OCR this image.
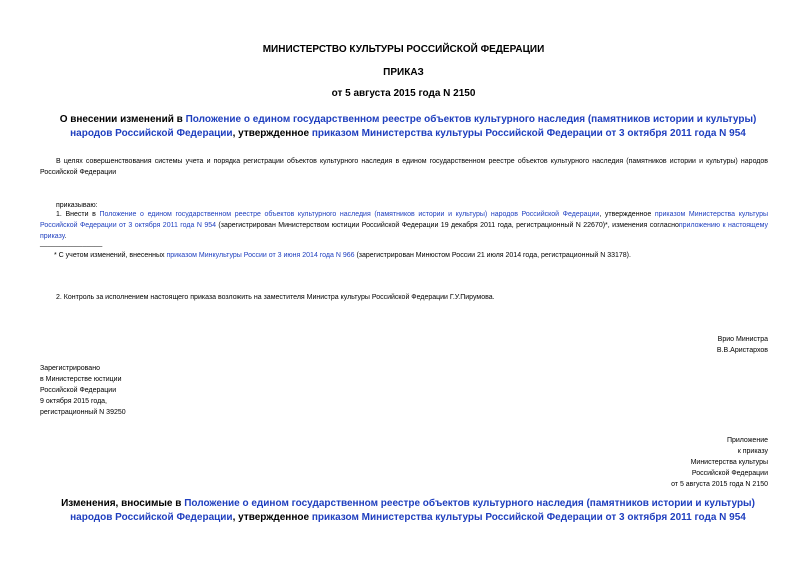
МИНИСТЕРСТВО КУЛЬТУРЫ РОССИЙСКОЙ ФЕДЕРАЦИИ
ПРИКАЗ
от 5 августа 2015 года N 2150
О внесении изменений в Положение о едином государственном реестре объектов культурного наследия (памятников истории и культуры) народов Российской Федерации, утвержденное приказом Министерства культуры Российской Федерации от 3 октября 2011 года N 954
В целях совершенствования системы учета и порядка регистрации объектов культурного наследия в едином государственном реестре объектов культурного наследия (памятников истории и культуры) народов Российской Федерации
приказываю:
1. Внести в Положение о едином государственном реестре объектов культурного наследия (памятников истории и культуры) народов Российской Федерации, утвержденное приказом Министерства культуры Российской Федерации от 3 октября 2011 года N 954 (зарегистрирован Министерством юстиции Российской Федерации 19 декабря 2011 года, регистрационный N 22670)*, изменения согласноприложению к настоящему приказу.
________________
* С учетом изменений, внесенных приказом Минкультуры России от 3 июня 2014 года N 966 (зарегистрирован Минюстом России 21 июля 2014 года, регистрационный N 33178).
2. Контроль за исполнением настоящего приказа возложить на заместителя Министра культуры Российской Федерации Г.У.Пирумова.
Врио Министра
В.В.Аристархов
Зарегистрировано
в Министерстве юстиции
Российской Федерации
9 октября 2015 года,
регистрационный N 39250
Приложение
к приказу
Министерства культуры
Российской Федерации
от 5 августа 2015 года N 2150
Изменения, вносимые в Положение о едином государственном реестре объектов культурного наследия (памятников истории и культуры) народов Российской Федерации, утвержденное приказом Министерства культуры Российской Федерации от 3 октября 2011 года N 954
